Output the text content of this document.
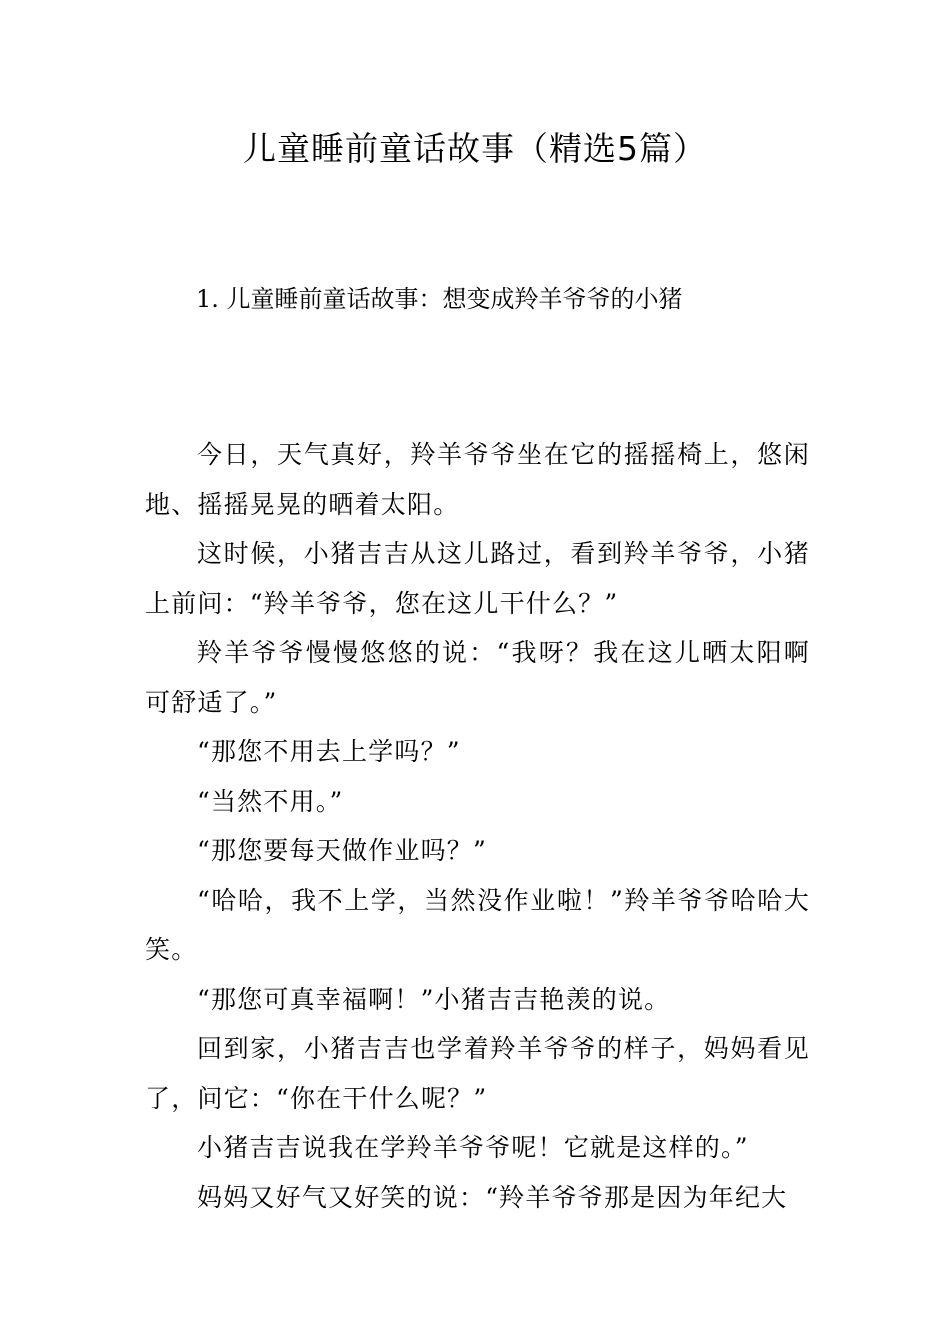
儿童睡前童话故事（精选5篇）
1. 儿童睡前童话故事：想变成羚羊爷爷的小猪

今日，天气真好，羚羊爷爷坐在它的摇摇椅上，悠闲地、摇摇晃晃的晒着太阳。

这时候，小猪吉吉从这儿路过，看到羚羊爷爷，小猪上前问：“羚羊爷爷，您在这儿干什么？”

羚羊爷爷慢慢悠悠的说：“我呀？我在这儿晒太阳啊可舒适了。”

“那您不用去上学吗？”

“当然不用。”

“那您要每天做作业吗？”

“哈哈，我不上学，当然没作业啦！”羚羊爷爷哈哈大笑。

“那您可真幸福啊！”小猪吉吉艳羡的说。

回到家，小猪吉吉也学着羚羊爷爷的样子，妈妈看见了，问它：“你在干什么呢？”

小猪吉吉说我在学羚羊爷爷呢！它就是这样的。”

妈妈又好气又好笑的说：“羚羊爷爷那是因为年纪大
